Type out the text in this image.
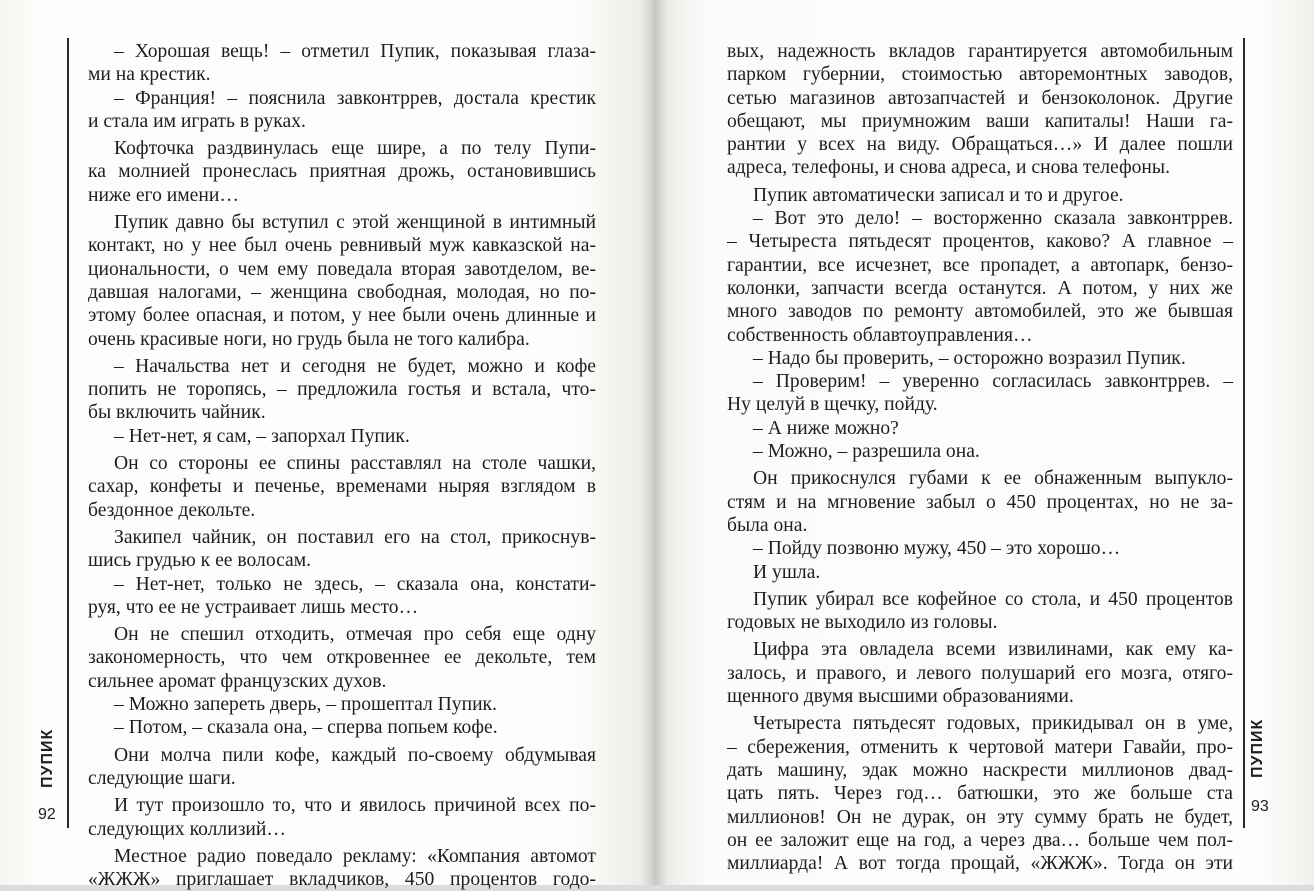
ПУПИК
92
ПУПИК
93
– Хорошая вещь! – отметил Пупик, показывая глаза-
ми на крестик.
– Франция! – пояснила завконтррев, достала крестик
и стала им играть в руках.
Кофточка раздвинулась еще шире, а по телу Пупи-
ка молнией пронеслась приятная дрожь, остановившись
ниже его имени…
Пупик давно бы вступил с этой женщиной в интимный
контакт, но у нее был очень ревнивый муж кавказской на-
циональности, о чем ему поведала вторая завотделом, ве-
давшая налогами, – женщина свободная, молодая, но по-
этому более опасная, и потом, у нее были очень длинные и
очень красивые ноги, но грудь была не того калибра.
– Начальства нет и сегодня не будет, можно и кофе
попить не торопясь, – предложила гостья и встала, что-
бы включить чайник.
– Нет-нет, я сам, – запорхал Пупик.
Он со стороны ее спины расставлял на столе чашки,
сахар, конфеты и печенье, временами ныряя взглядом в
бездонное декольте.
Закипел чайник, он поставил его на стол, прикоснув-
шись грудью к ее волосам.
– Нет-нет, только не здесь, – сказала она, констати-
руя, что ее не устраивает лишь место…
Он не спешил отходить, отмечая про себя еще одну
закономерность, что чем откровеннее ее декольте, тем
сильнее аромат французских духов.
– Можно запереть дверь, – прошептал Пупик.
– Потом, – сказала она, – сперва попьем кофе.
Они молча пили кофе, каждый по-своему обдумывая
следующие шаги.
И тут произошло то, что и явилось причиной всех по-
следующих коллизий…
Местное радио поведало рекламу: «Компания автомот
«ЖЖЖ» приглашает вкладчиков, 450 процентов годо-
вых, надежность вкладов гарантируется автомобильным
парком губернии, стоимостью авторемонтных заводов,
сетью магазинов автозапчастей и бензоколонок. Другие
обещают, мы приумножим ваши капиталы! Наши га-
рантии у всех на виду. Обращаться…» И далее пошли
адреса, телефоны, и снова адреса, и снова телефоны.
Пупик автоматически записал и то и другое.
– Вот это дело! – восторженно сказала завконтррев.
– Четыреста пятьдесят процентов, каково? А главное –
гарантии, все исчезнет, все пропадет, а автопарк, бензо-
колонки, запчасти всегда останутся. А потом, у них же
много заводов по ремонту автомобилей, это же бывшая
собственность облавтоуправления…
– Надо бы проверить, – осторожно возразил Пупик.
– Проверим! – уверенно согласилась завконтррев. –
Ну целуй в щечку, пойду.
– А ниже можно?
– Можно, – разрешила она.
Он прикоснулся губами к ее обнаженным выпукло-
стям и на мгновение забыл о 450 процентах, но не за-
была она.
– Пойду позвоню мужу, 450 – это хорошо…
И ушла.
Пупик убирал все кофейное со стола, и 450 процентов
годовых не выходило из головы.
Цифра эта овладела всеми извилинами, как ему ка-
залось, и правого, и левого полушарий его мозга, отяго-
щенного двумя высшими образованиями.
Четыреста пятьдесят годовых, прикидывал он в уме,
– сбережения, отменить к чертовой матери Гавайи, про-
дать машину, эдак можно наскрести миллионов двад-
цать пять. Через год… батюшки, это же больше ста
миллионов! Он не дурак, он эту сумму брать не будет,
он ее заложит еще на год, а через два… больше чем пол-
миллиарда! А вот тогда прощай, «ЖЖЖ». Тогда он эти
